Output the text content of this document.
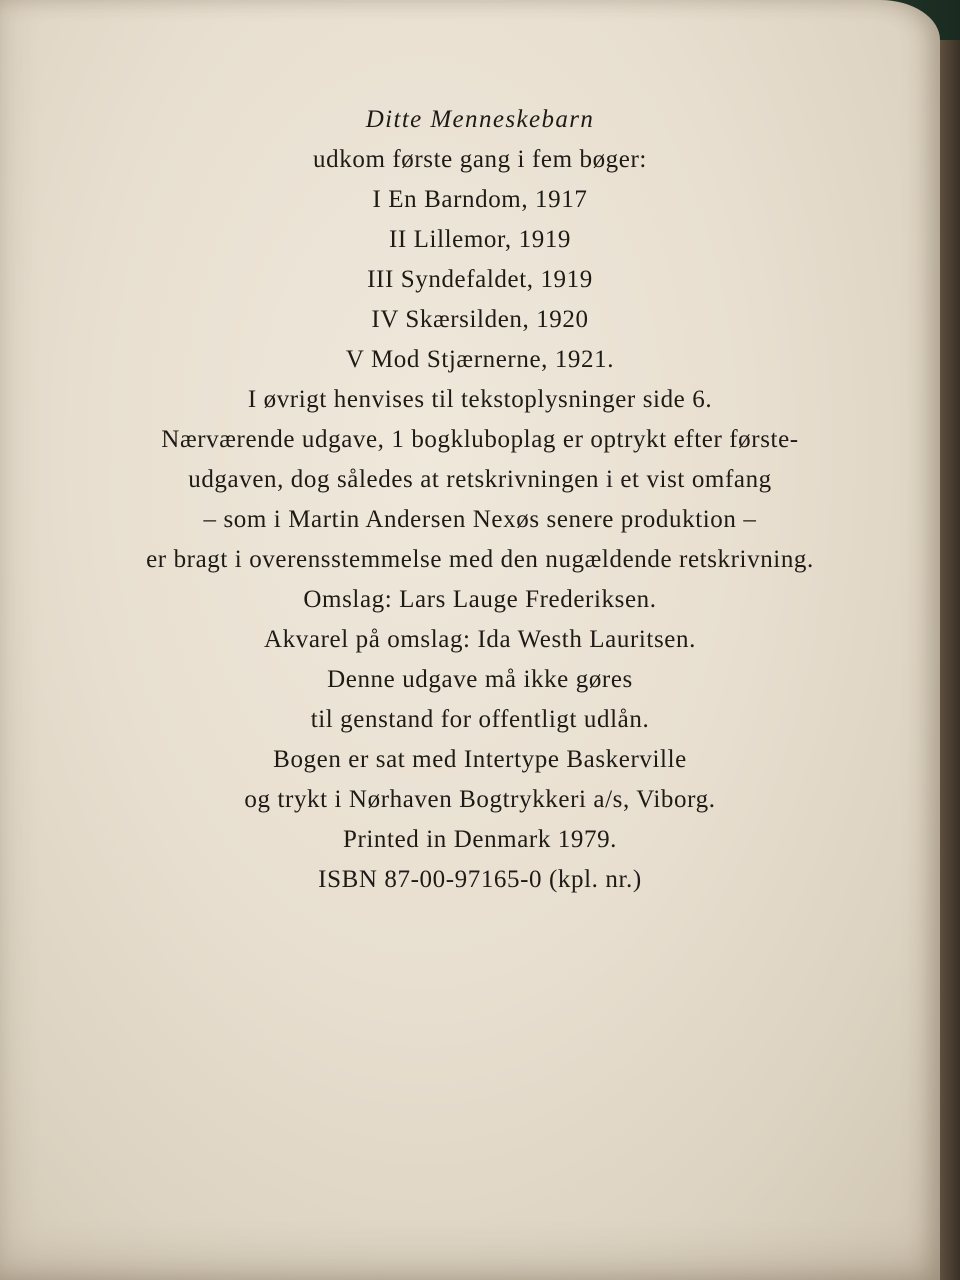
Ditte Menneskebarn
udkom første gang i fem bøger:
I En Barndom, 1917
II Lillemor, 1919
III Syndefaldet, 1919
IV Skærsilden, 1920
V Mod Stjærnerne, 1921.
I øvrigt henvises til tekstoplysninger side 6.
Nærværende udgave, 1 bogkluboplag er optrykt efter første-
udgaven, dog således at retskrivningen i et vist omfang
– som i Martin Andersen Nexøs senere produktion –
er bragt i overensstemmelse med den nugældende retskrivning.
Omslag: Lars Lauge Frederiksen.
Akvarel på omslag: Ida Westh Lauritsen.
Denne udgave må ikke gøres
til genstand for offentligt udlån.
Bogen er sat med Intertype Baskerville
og trykt i Nørhaven Bogtrykkeri a/s, Viborg.
Printed in Denmark 1979.
ISBN 87-00-97165-0 (kpl. nr.)
